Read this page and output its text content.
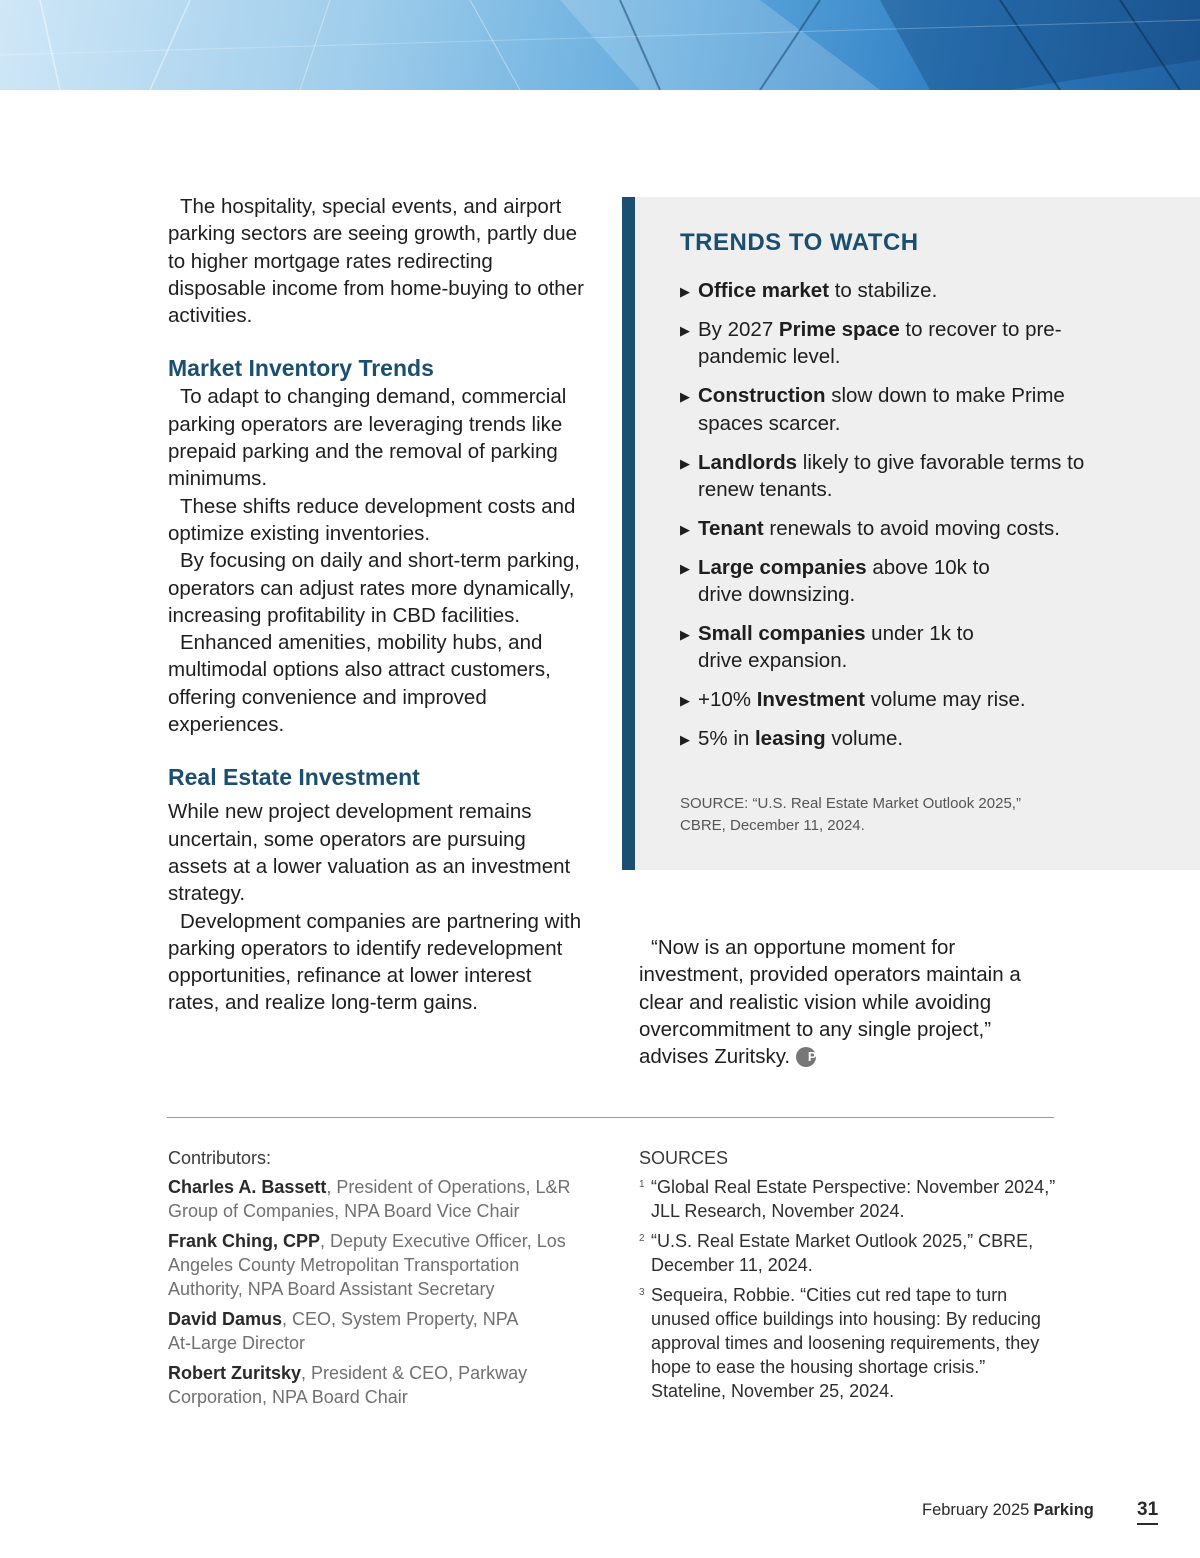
The hospitality, special events, and airport parking sectors are seeing growth, partly due to higher mortgage rates redirecting disposable income from home-buying to other activities.

Market Inventory Trends

To adapt to changing demand, commercial parking operators are leveraging trends like prepaid parking and the removal of parking minimums.

These shifts reduce development costs and optimize existing inventories.

By focusing on daily and short-term parking, operators can adjust rates more dynamically, increasing profitability in CBD facilities.

Enhanced amenities, mobility hubs, and multimodal options also attract customers, offering convenience and improved experiences.

Real Estate Investment

While new project development remains uncertain, some operators are pursuing assets at a lower valuation as an investment strategy.

Development companies are partnering with parking operators to identify redevelopment opportunities, refinance at lower interest rates, and realize long-term gains.

TRENDS TO WATCH
▶ Office market to stabilize.
▶ By 2027 Prime space to recover to pre-pandemic level.
▶ Construction slow down to make Prime spaces scarcer.
▶ Landlords likely to give favorable terms to renew tenants.
▶ Tenant renewals to avoid moving costs.
▶ Large companies above 10k to drive downsizing.
▶ Small companies under 1k to drive expansion.
▶ +10% Investment volume may rise.
▶ 5% in leasing volume.

SOURCE: “U.S. Real Estate Market Outlook 2025,” CBRE, December 11, 2024.

“Now is an opportune moment for investment, provided operators maintain a clear and realistic vision while avoiding overcommitment to any single project,” advises Zuritsky. P

Contributors:

Charles A. Bassett, President of Operations, L&R Group of Companies, NPA Board Vice Chair

Frank Ching, CPP, Deputy Executive Officer, Los Angeles County Metropolitan Transportation Authority, NPA Board Assistant Secretary

David Damus, CEO, System Property, NPA At-Large Director

Robert Zuritsky, President & CEO, Parkway Corporation, NPA Board Chair

SOURCES

1 “Global Real Estate Perspective: November 2024,” JLL Research, November 2024.

2 “U.S. Real Estate Market Outlook 2025,” CBRE, December 11, 2024.

3 Sequeira, Robbie. “Cities cut red tape to turn unused office buildings into housing: By reducing approval times and loosening requirements, they hope to ease the housing shortage crisis.” Stateline, November 25, 2024.

February 2025 Parking 31
